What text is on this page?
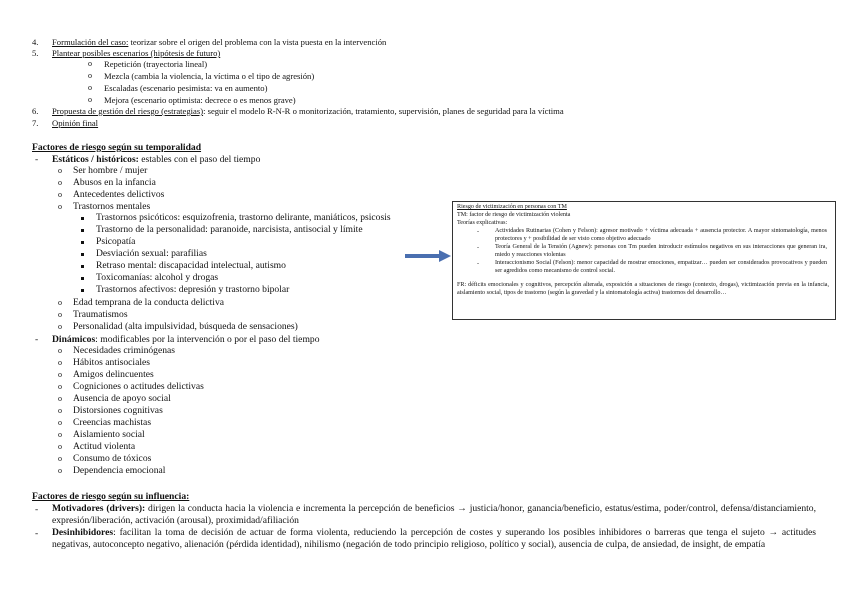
4. Formulación del caso: teorizar sobre el origen del problema con la vista puesta en la intervención
5. Plantear posibles escenarios (hipótesis de futuro)
o Repetición (trayectoria lineal)
o Mezcla (cambia la violencia, la víctima o el tipo de agresión)
o Escaladas (escenario pesimista: va en aumento)
o Mejora (escenario optimista: decrece o es menos grave)
6. Propuesta de gestión del riesgo (estrategias): seguir el modelo R-N-R o monitorización, tratamiento, supervisión, planes de seguridad para la víctima
7. Opinión final
Factores de riesgo según su temporalidad
- Estáticos / históricos: estables con el paso del tiempo
o Ser hombre / mujer
o Abusos en la infancia
o Antecedentes delictivos
o Trastornos mentales
Trastornos psicóticos: esquizofrenia, trastorno delirante, maniáticos, psicosis
Trastorno de la personalidad: paranoide, narcisista, antisocial y límite
Psicopatía
Desviación sexual: parafilias
Retraso mental: discapacidad intelectual, autismo
Toxicomanías: alcohol y drogas
Trastornos afectivos: depresión y trastorno bipolar
o Edad temprana de la conducta delictiva
o Traumatismos
o Personalidad (alta impulsividad, búsqueda de sensaciones)
- Dinámicos: modificables por la intervención o por el paso del tiempo
o Necesidades criminógenas
o Hábitos antisociales
o Amigos delincuentes
o Cogniciones o actitudes delictivas
o Ausencia de apoyo social
o Distorsiones cognitivas
o Creencias machistas
o Aislamiento social
o Actitud violenta
o Consumo de tóxicos
o Dependencia emocional
Riesgo de victimización en personas con TM
TM: factor de riesgo de victimización violenta
Teorías explicativas:
-	Actividades Rutinarias (Cohen y Felson): agresor motivado + víctima adecuada + ausencia protector. A mayor sintomatología, menos protectores y + posibilidad de ser visto como objetivo adecuado
-	Teoría General de la Tensión (Agnew): personas con Tm pueden introducir estímulos negativos en sus interacciones que generan ira, miedo y reacciones violentas
-	Interaccionismo Social (Felson): menor capacidad de mostrar emociones, empatizar… pueden ser considerados provocativos y pueden ser agredidos como mecanismo de control social.
FR: déficits emocionales y cognitivos, percepción alterada, exposición a situaciones de riesgo (contexto, drogas), victimización previa en la infancia, aislamiento social, tipos de trastorno (según la gravedad y la sintomatología activa) trastornos del desarrollo…
Factores de riesgo según su influencia:
- Motivadores (drivers): dirigen la conducta hacia la violencia e incrementa la percepción de beneficios → justicia/honor, ganancia/beneficio, estatus/estima, poder/control, defensa/distanciamiento, expresión/liberación, activación (arousal), proximidad/afiliación
- Desinhibidores: facilitan la toma de decisión de actuar de forma violenta, reduciendo la percepción de costes y superando los posibles inhibidores o barreras que tenga el sujeto → actitudes negativas, autoconcepto negativo, alienación (pérdida identidad), nihilismo (negación de todo principio religioso, político y social), ausencia de culpa, de ansiedad, de insight, de empatía
